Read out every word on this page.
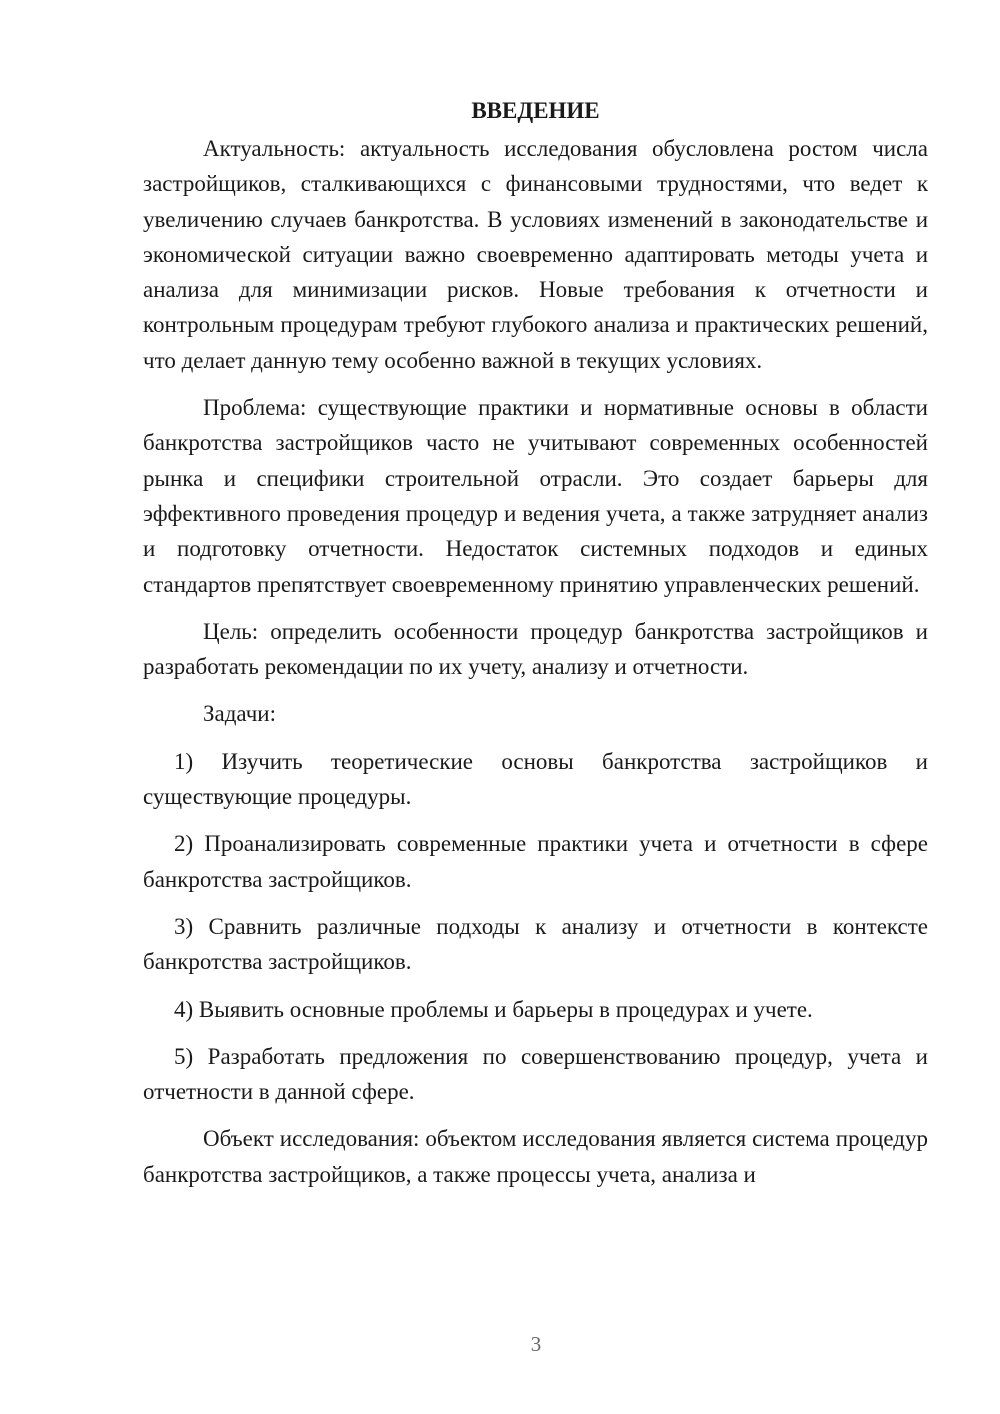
ВВЕДЕНИЕ

Актуальность: актуальность исследования обусловлена ростом числа застройщиков, сталкивающихся с финансовыми трудностями, что ведет к увеличению случаев банкротства. В условиях изменений в законодательстве и экономической ситуации важно своевременно адаптировать методы учета и анализа для минимизации рисков. Новые требования к отчетности и контрольным процедурам требуют глубокого анализа и практических решений, что делает данную тему особенно важной в текущих условиях.

Проблема: существующие практики и нормативные основы в области банкротства застройщиков часто не учитывают современных особенностей рынка и специфики строительной отрасли. Это создает барьеры для эффективного проведения процедур и ведения учета, а также затрудняет анализ и подготовку отчетности. Недостаток системных подходов и единых стандартов препятствует своевременному принятию управленческих решений.

Цель: определить особенности процедур банкротства застройщиков и разработать рекомендации по их учету, анализу и отчетности.

Задачи:

1) Изучить теоретические основы банкротства застройщиков и существующие процедуры.

2) Проанализировать современные практики учета и отчетности в сфере банкротства застройщиков.

3) Сравнить различные подходы к анализу и отчетности в контексте банкротства застройщиков.

4) Выявить основные проблемы и барьеры в процедурах и учете.

5) Разработать предложения по совершенствованию процедур, учета и отчетности в данной сфере.

Объект исследования: объектом исследования является система процедур банкротства застройщиков, а также процессы учета, анализа и

3
